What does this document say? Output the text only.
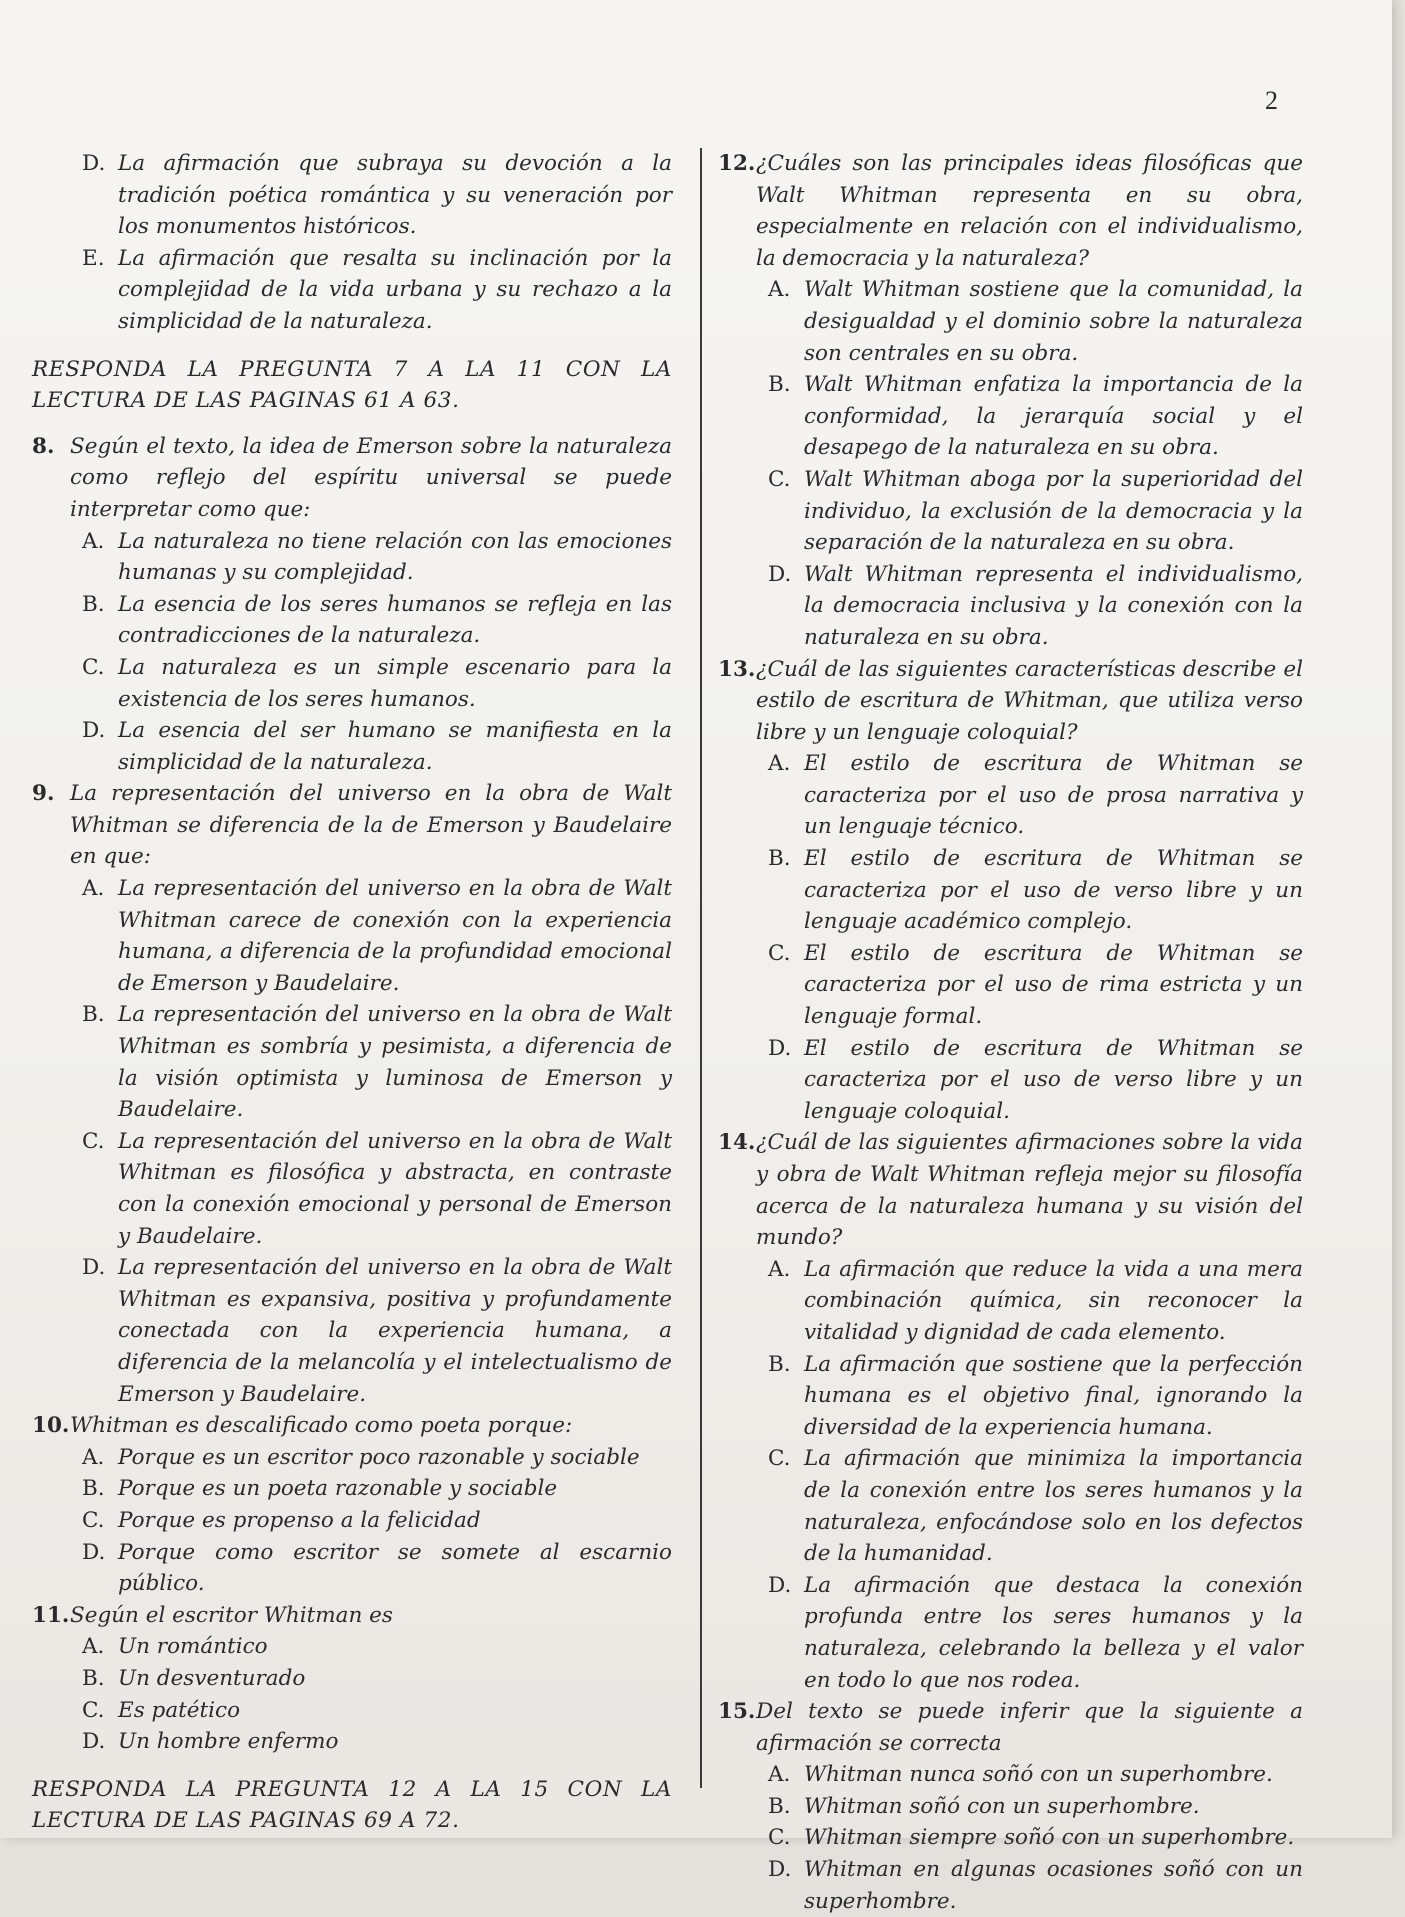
2
D. La afirmación que subraya su devoción a la tradición poética romántica y su veneración por los monumentos históricos.
E. La afirmación que resalta su inclinación por la complejidad de la vida urbana y su rechazo a la simplicidad de la naturaleza.
RESPONDA LA PREGUNTA 7 A LA 11 CON LA LECTURA DE LAS PAGINAS 61 A 63.
8. Según el texto, la idea de Emerson sobre la naturaleza como reflejo del espíritu universal se puede interpretar como que:
A. La naturaleza no tiene relación con las emociones humanas y su complejidad.
B. La esencia de los seres humanos se refleja en las contradicciones de la naturaleza.
C. La naturaleza es un simple escenario para la existencia de los seres humanos.
D. La esencia del ser humano se manifiesta en la simplicidad de la naturaleza.
9. La representación del universo en la obra de Walt Whitman se diferencia de la de Emerson y Baudelaire en que:
A. La representación del universo en la obra de Walt Whitman carece de conexión con la experiencia humana, a diferencia de la profundidad emocional de Emerson y Baudelaire.
B. La representación del universo en la obra de Walt Whitman es sombría y pesimista, a diferencia de la visión optimista y luminosa de Emerson y Baudelaire.
C. La representación del universo en la obra de Walt Whitman es filosófica y abstracta, en contraste con la conexión emocional y personal de Emerson y Baudelaire.
D. La representación del universo en la obra de Walt Whitman es expansiva, positiva y profundamente conectada con la experiencia humana, a diferencia de la melancolía y el intelectualismo de Emerson y Baudelaire.
10. Whitman es descalificado como poeta porque:
A. Porque es un escritor poco razonable y sociable
B. Porque es un poeta razonable y sociable
C. Porque es propenso a la felicidad
D. Porque como escritor se somete al escarnio público.
11. Según el escritor Whitman es
A. Un romántico
B. Un desventurado
C. Es patético
D. Un hombre enfermo
RESPONDA LA PREGUNTA 12 A LA 15 CON LA LECTURA DE LAS PAGINAS 69 A 72.
12. ¿Cuáles son las principales ideas filosóficas que Walt Whitman representa en su obra, especialmente en relación con el individualismo, la democracia y la naturaleza?
A. Walt Whitman sostiene que la comunidad, la desigualdad y el dominio sobre la naturaleza son centrales en su obra.
B. Walt Whitman enfatiza la importancia de la conformidad, la jerarquía social y el desapego de la naturaleza en su obra.
C. Walt Whitman aboga por la superioridad del individuo, la exclusión de la democracia y la separación de la naturaleza en su obra.
D. Walt Whitman representa el individualismo, la democracia inclusiva y la conexión con la naturaleza en su obra.
13. ¿Cuál de las siguientes características describe el estilo de escritura de Whitman, que utiliza verso libre y un lenguaje coloquial?
A. El estilo de escritura de Whitman se caracteriza por el uso de prosa narrativa y un lenguaje técnico.
B. El estilo de escritura de Whitman se caracteriza por el uso de verso libre y un lenguaje académico complejo.
C. El estilo de escritura de Whitman se caracteriza por el uso de rima estricta y un lenguaje formal.
D. El estilo de escritura de Whitman se caracteriza por el uso de verso libre y un lenguaje coloquial.
14. ¿Cuál de las siguientes afirmaciones sobre la vida y obra de Walt Whitman refleja mejor su filosofía acerca de la naturaleza humana y su visión del mundo?
A. La afirmación que reduce la vida a una mera combinación química, sin reconocer la vitalidad y dignidad de cada elemento.
B. La afirmación que sostiene que la perfección humana es el objetivo final, ignorando la diversidad de la experiencia humana.
C. La afirmación que minimiza la importancia de la conexión entre los seres humanos y la naturaleza, enfocándose solo en los defectos de la humanidad.
D. La afirmación que destaca la conexión profunda entre los seres humanos y la naturaleza, celebrando la belleza y el valor en todo lo que nos rodea.
15. Del texto se puede inferir que la siguiente a afirmación se correcta
A. Whitman nunca soñó con un superhombre.
B. Whitman soñó con un superhombre.
C. Whitman siempre soñó con un superhombre.
D. Whitman en algunas ocasiones soñó con un superhombre.
